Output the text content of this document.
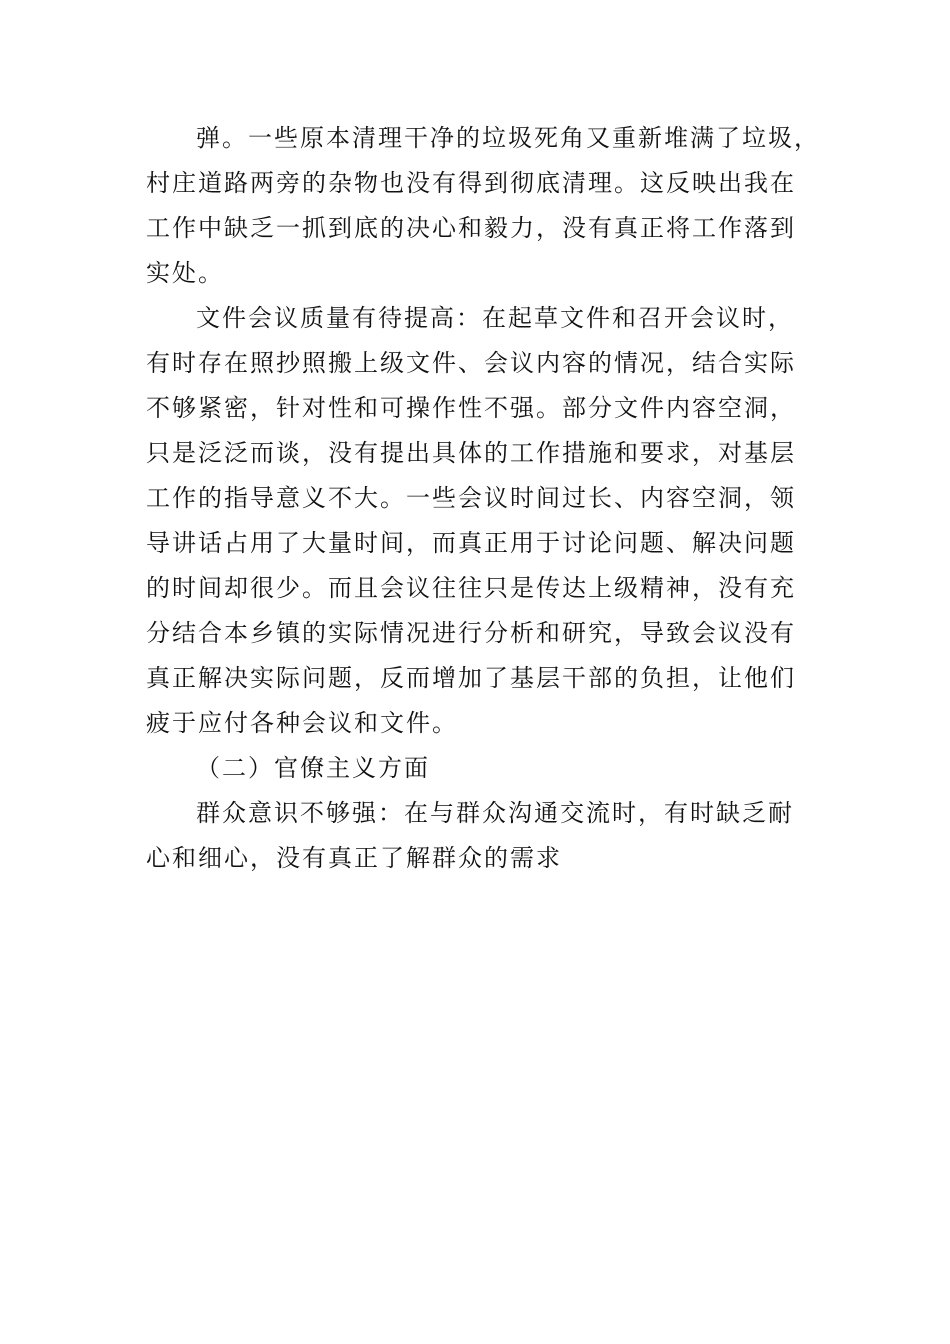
弹。一些原本清理干净的垃圾死角又重新堆满了垃圾，
村庄道路两旁的杂物也没有得到彻底清理。这反映出我在
工作中缺乏一抓到底的决心和毅力，没有真正将工作落到
实处。
文件会议质量有待提高：在起草文件和召开会议时，
有时存在照抄照搬上级文件、会议内容的情况，结合实际
不够紧密，针对性和可操作性不强。部分文件内容空洞，
只是泛泛而谈，没有提出具体的工作措施和要求，对基层
工作的指导意义不大。一些会议时间过长、内容空洞，领
导讲话占用了大量时间，而真正用于讨论问题、解决问题
的时间却很少。而且会议往往只是传达上级精神，没有充
分结合本乡镇的实际情况进行分析和研究，导致会议没有
真正解决实际问题，反而增加了基层干部的负担，让他们
疲于应付各种会议和文件。
（二）官僚主义方面
群众意识不够强：在与群众沟通交流时，有时缺乏耐
心和细心，没有真正了解群众的需求
